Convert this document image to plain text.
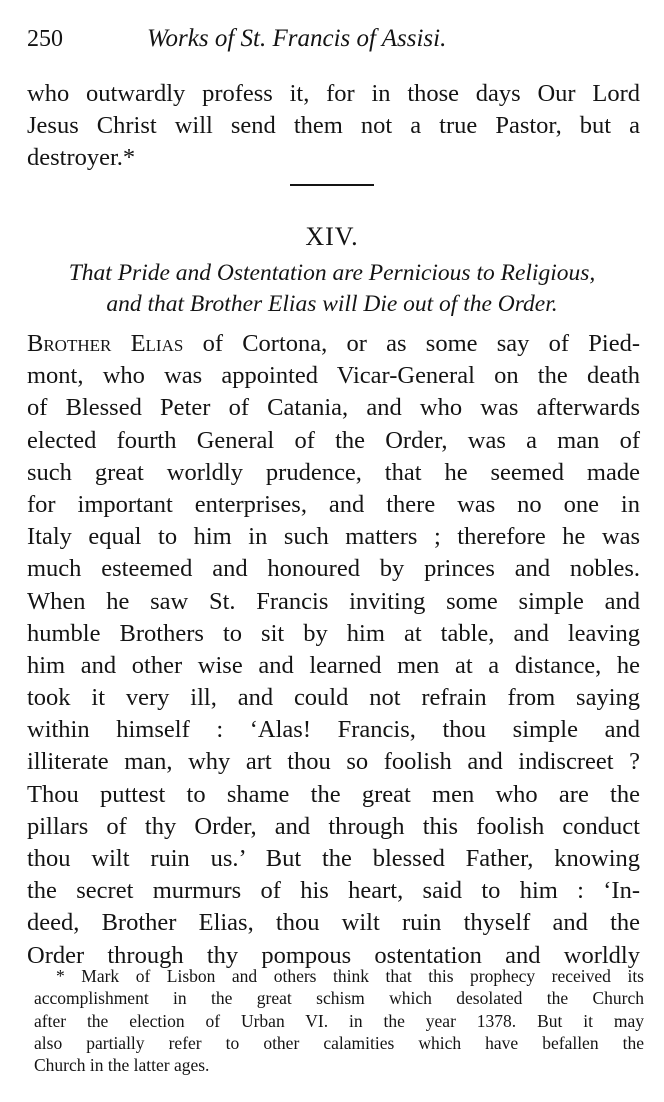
250	Works of St. Francis of Assisi.
who outwardly profess it, for in those days Our Lord
Jesus Christ will send them not a true Pastor, but a
destroyer.*
XIV.
That Pride and Ostentation are Pernicious to Religious,
and that Brother Elias will Die out of the Order.
Brother Elias of Cortona, or as some say of Pied-
mont, who was appointed Vicar-General on the death
of Blessed Peter of Catania, and who was afterwards
elected fourth General of the Order, was a man of
such great worldly prudence, that he seemed made
for important enterprises, and there was no one in
Italy equal to him in such matters ; therefore he was
much esteemed and honoured by princes and nobles.
When he saw St. Francis inviting some simple and
humble Brothers to sit by him at table, and leaving
him and other wise and learned men at a distance, he
took it very ill, and could not refrain from saying
within himself : ‘Alas! Francis, thou simple and
illiterate man, why art thou so foolish and indiscreet ?
Thou puttest to shame the great men who are the
pillars of thy Order, and through this foolish conduct
thou wilt ruin us.’ But the blessed Father, knowing
the secret murmurs of his heart, said to him : ‘In-
deed, Brother Elias, thou wilt ruin thyself and the
Order through thy pompous ostentation and worldly
* Mark of Lisbon and others think that this prophecy received its
accomplishment in the great schism which desolated the Church
after the election of Urban VI. in the year 1378. But it may
also partially refer to other calamities which have befallen the
Church in the latter ages.
